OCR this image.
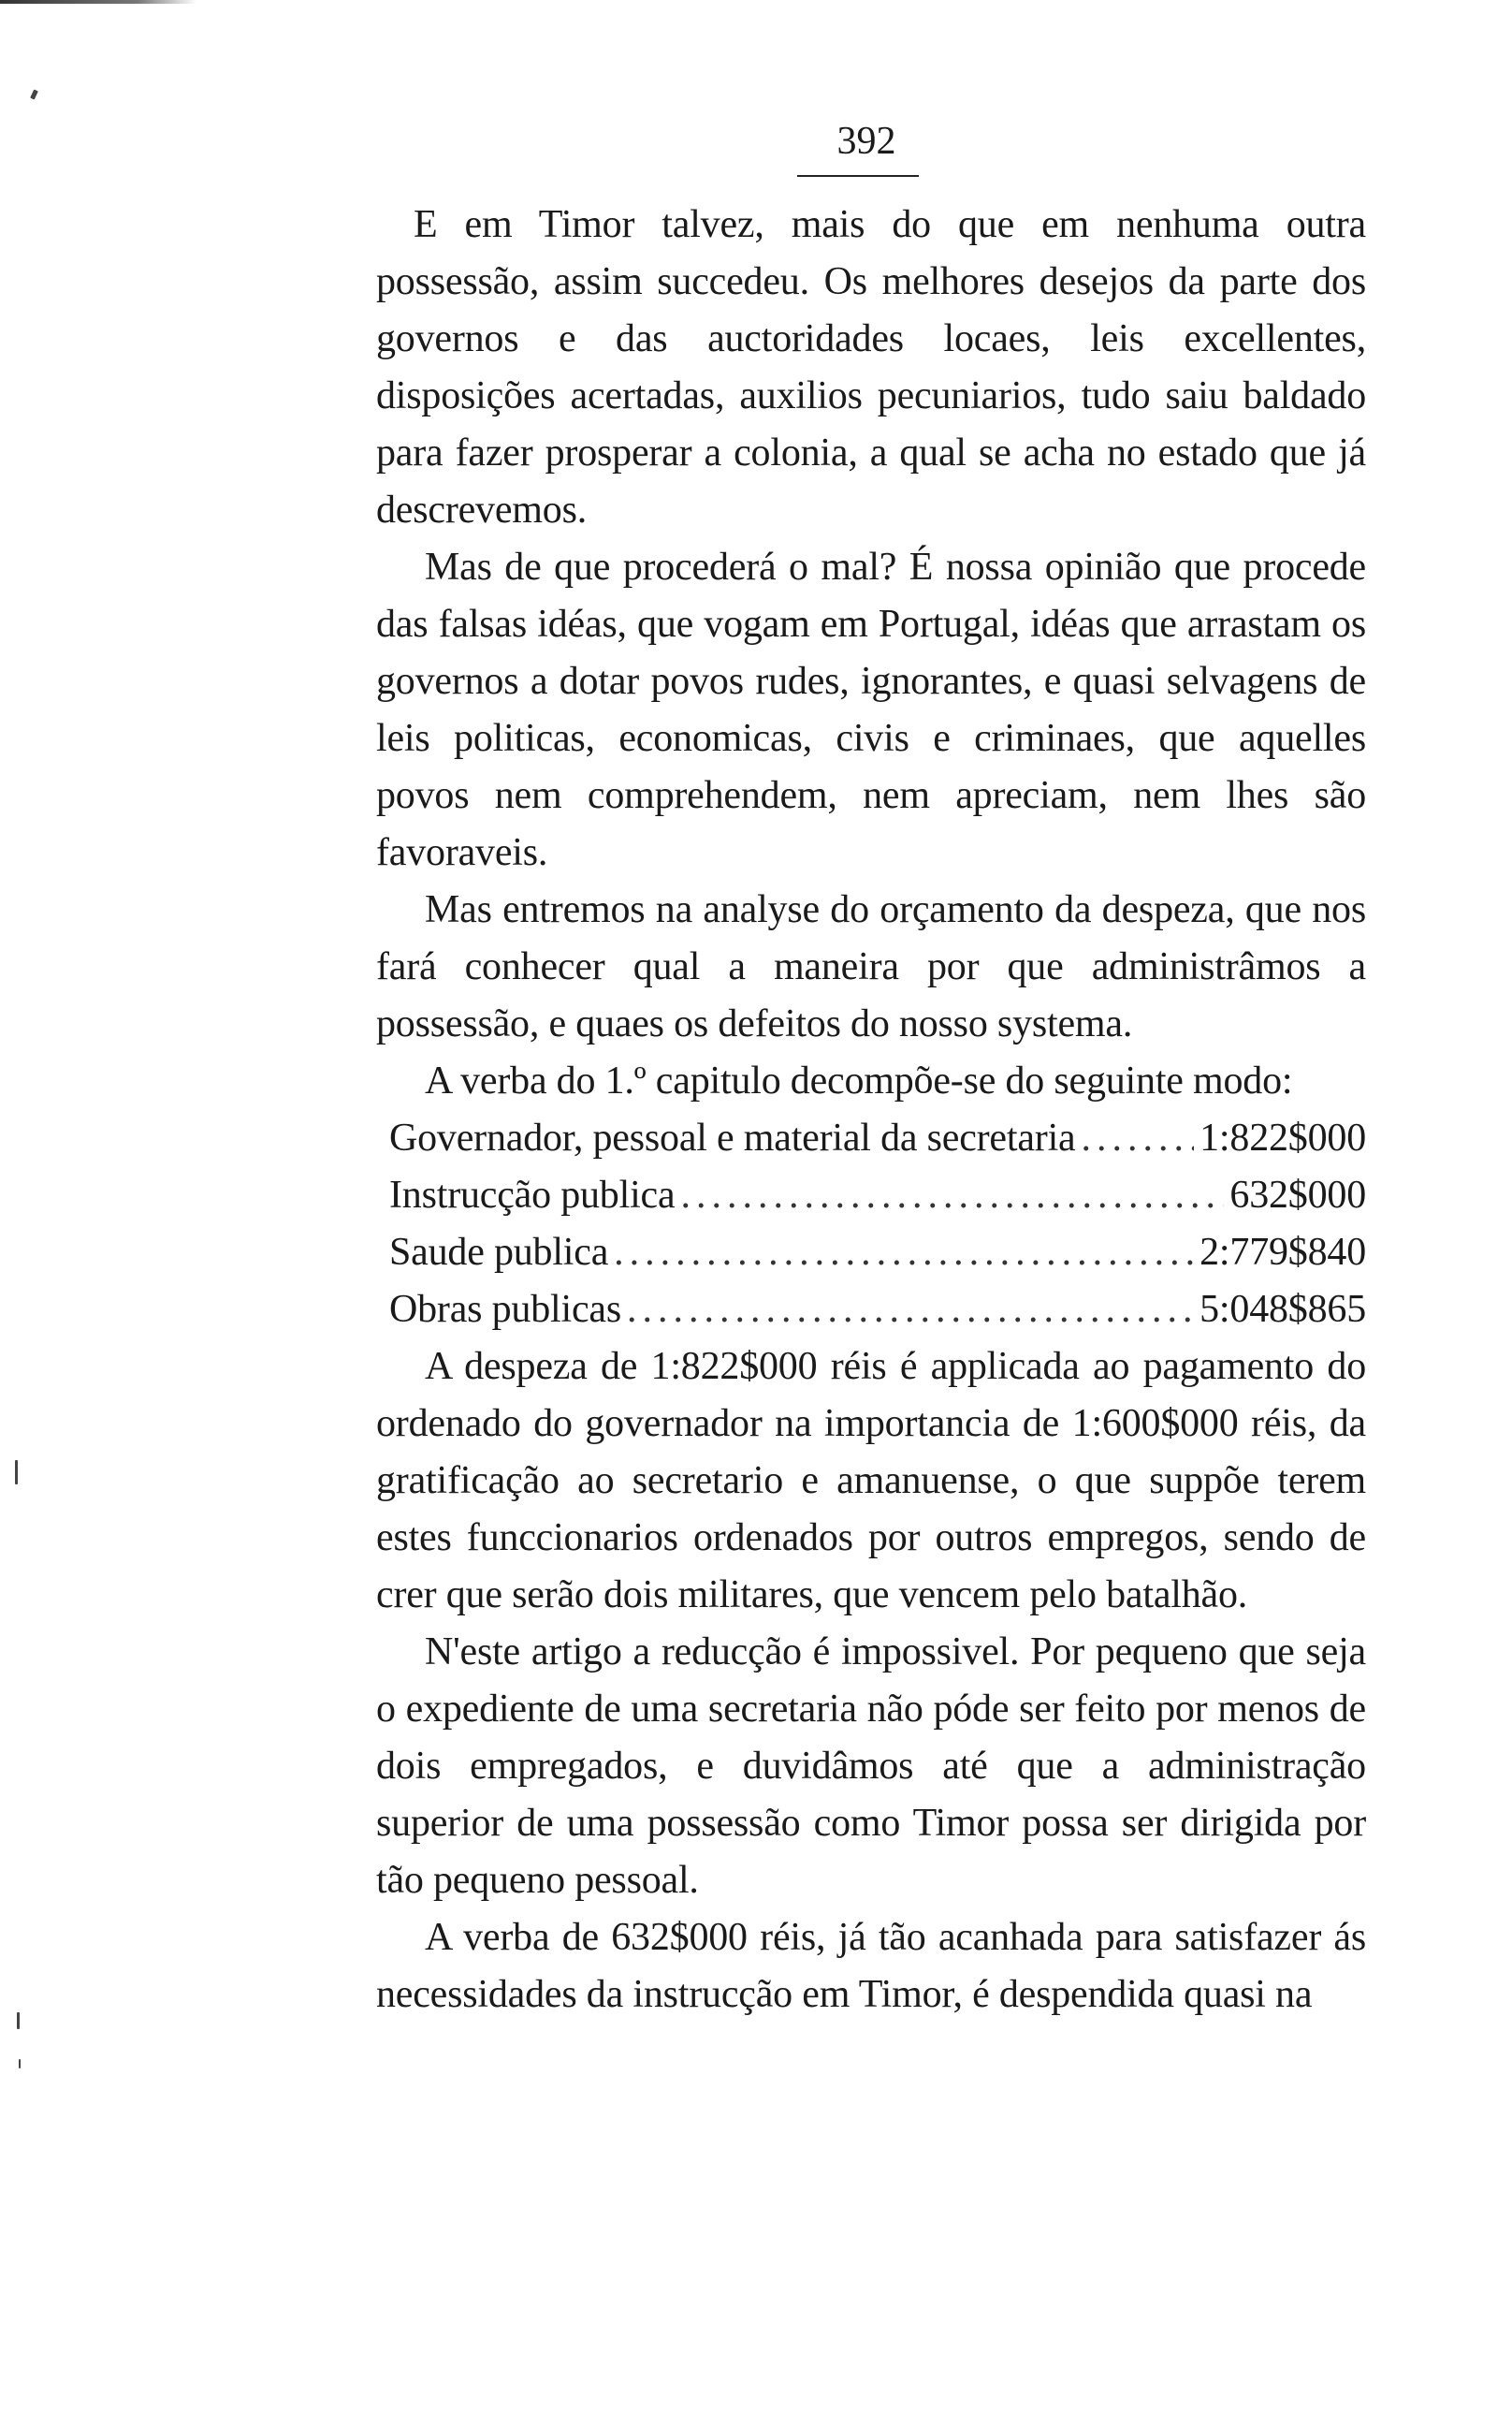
392

E em Timor talvez, mais do que em nenhuma outra possessão, assim succedeu. Os melhores desejos da parte dos governos e das auctoridades locaes, leis excellentes, disposições acertadas, auxilios pecuniarios, tudo saiu baldado para fazer prosperar a colonia, a qual se acha no estado que já descrevemos.

Mas de que procederá o mal? É nossa opinião que procede das falsas idéas, que vogam em Portugal, idéas que arrastam os governos a dotar povos rudes, ignorantes, e quasi selvagens de leis politicas, economicas, civis e criminaes, que aquelles povos nem comprehendem, nem apreciam, nem lhes são favoraveis.

Mas entremos na analyse do orçamento da despeza, que nos fará conhecer qual a maneira por que administrâmos a possessão, e quaes os defeitos do nosso systema.

A verba do 1.º capitulo decompõe-se do seguinte modo:

Governador, pessoal e material da secretaria .....	1:822$000
Instrucção publica .....	632$000
Saude publica .....	2:779$840
Obras publicas .....	5:048$865

A despeza de 1:822$000 réis é applicada ao pagamento do ordenado do governador na importancia de 1:600$000 réis, da gratificação ao secretario e amanuense, o que suppõe terem estes funccionarios ordenados por outros empregos, sendo de crer que serão dois militares, que vencem pelo batalhão.

N'este artigo a reducção é impossivel. Por pequeno que seja o expediente de uma secretaria não póde ser feito por menos de dois empregados, e duvidâmos até que a administração superior de uma possessão como Timor possa ser dirigida por tão pequeno pessoal.

A verba de 632$000 réis, já tão acanhada para satisfazer ás necessidades da instrucção em Timor, é despendida quasi na
